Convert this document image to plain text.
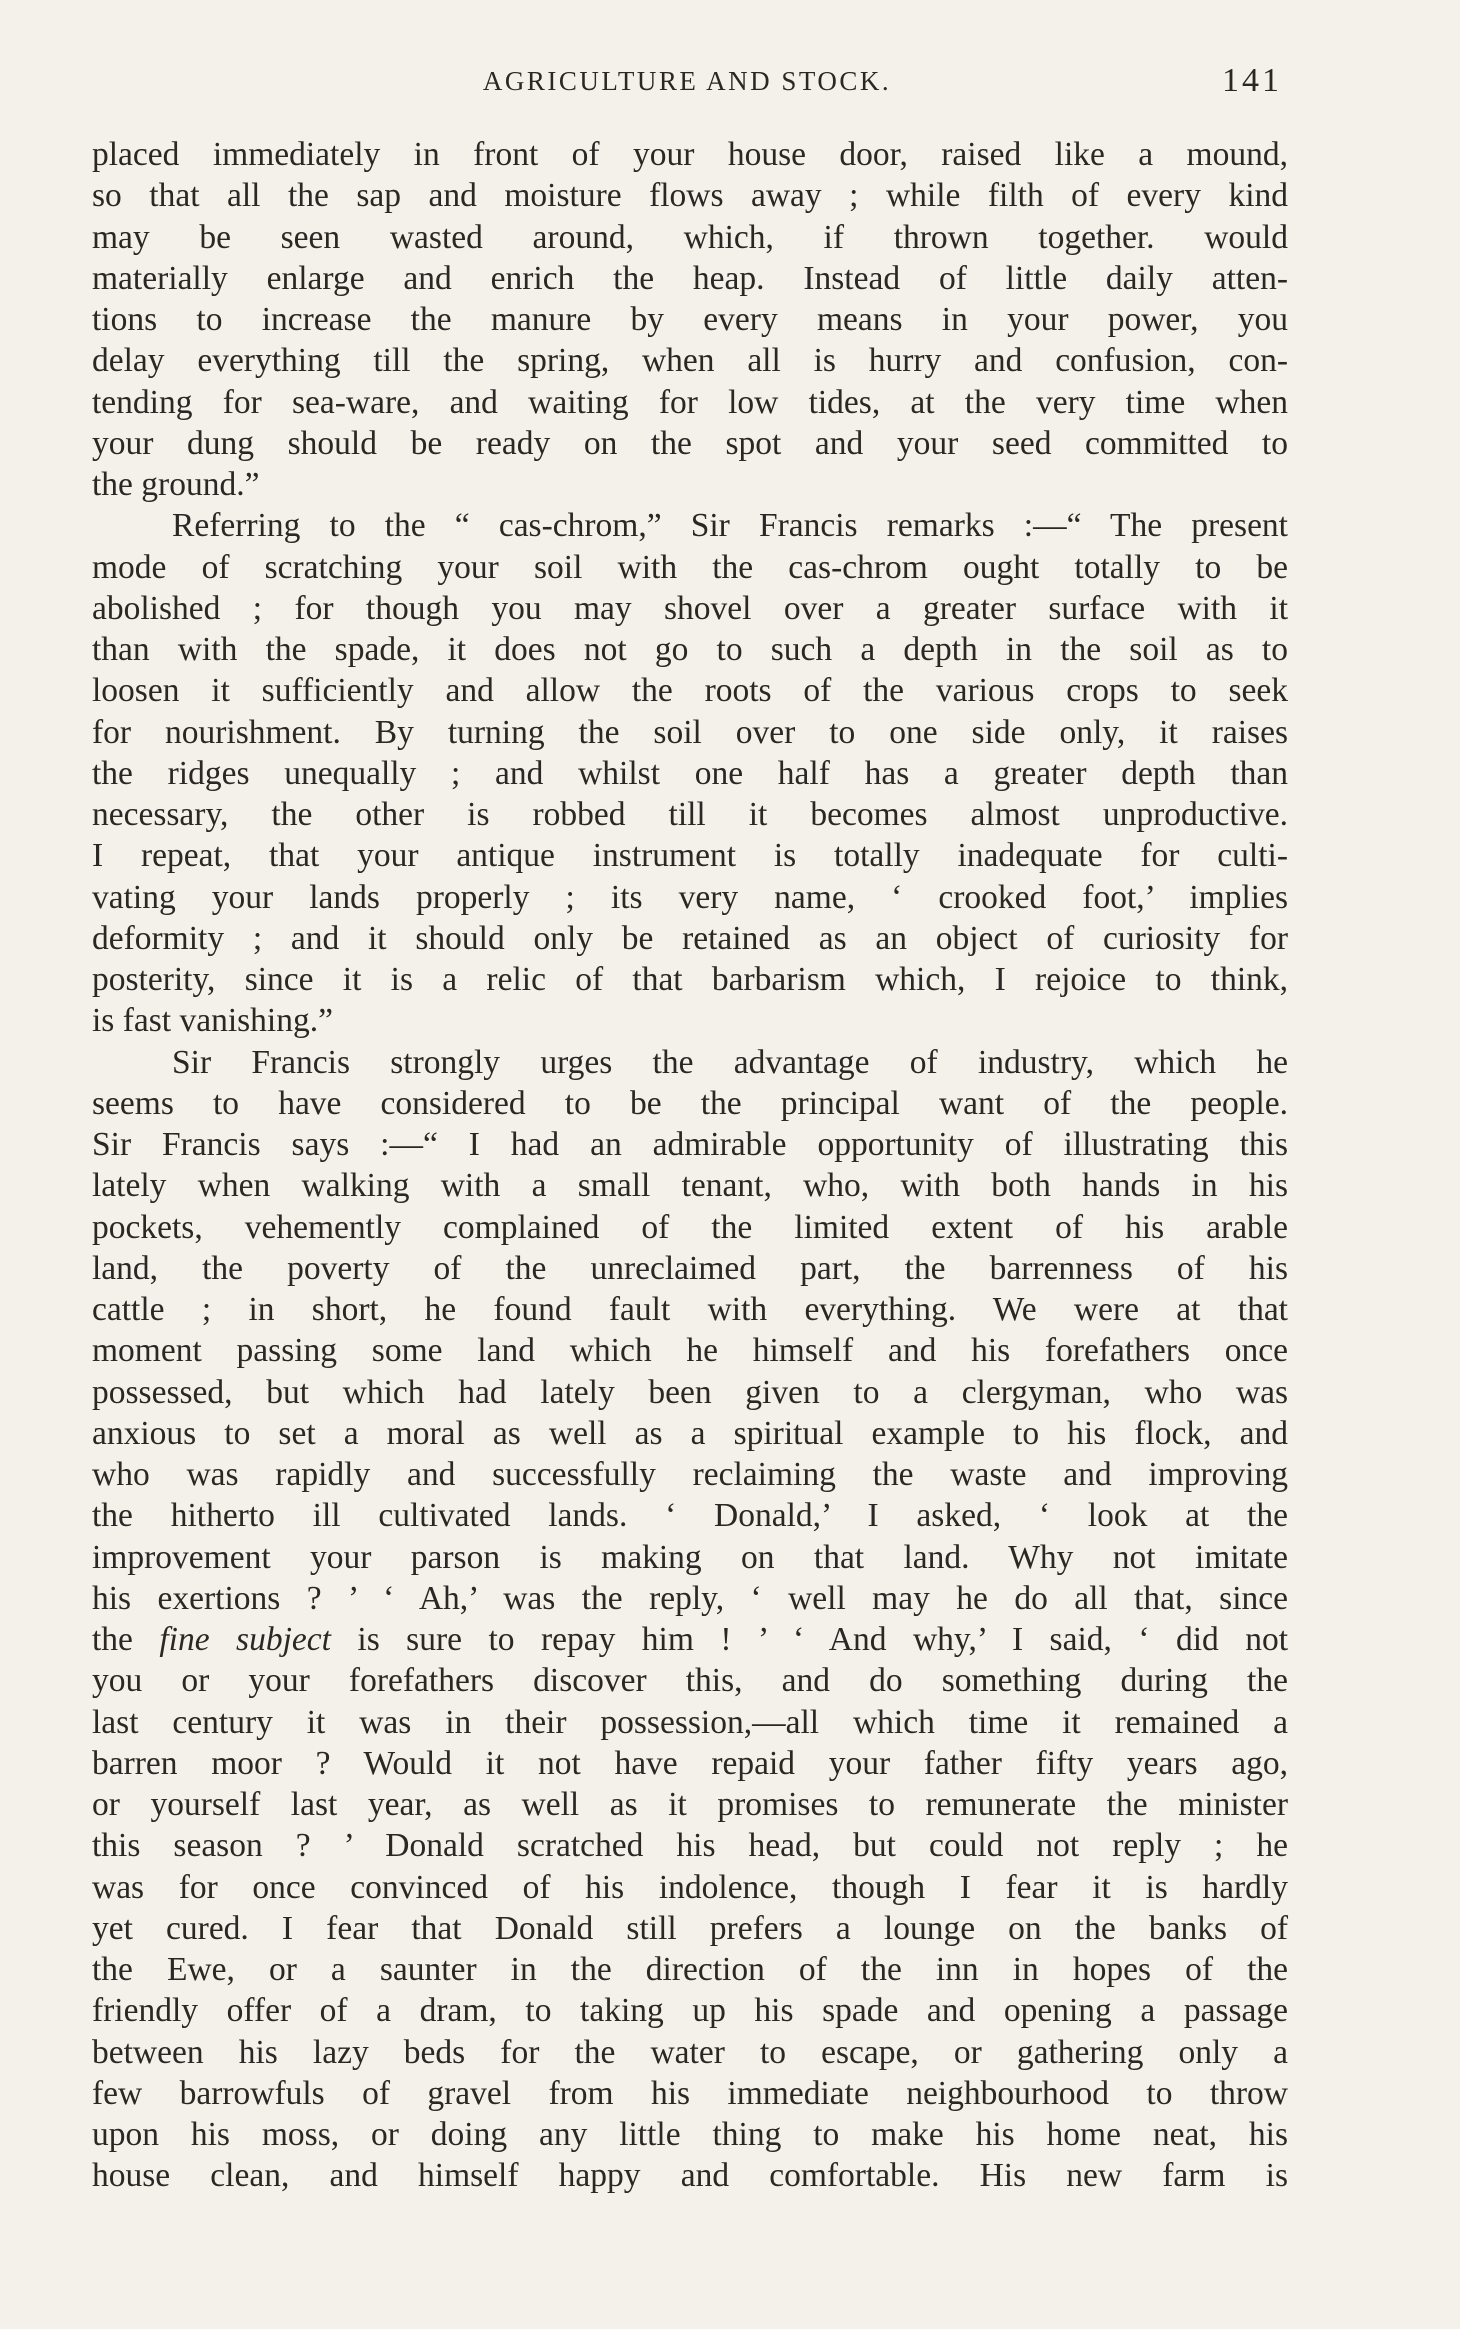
AGRICULTURE AND STOCK.	141
placed immediately in front of your house door, raised like a mound,
so that all the sap and moisture flows away ; while filth of every kind
may be seen wasted around, which, if thrown together. would
materially enlarge and enrich the heap. Instead of little daily atten-
tions to increase the manure by every means in your power, you
delay everything till the spring, when all is hurry and confusion, con-
tending for sea-ware, and waiting for low tides, at the very time when
your dung should be ready on the spot and your seed committed to
the ground.”
Referring to the “ cas-chrom,” Sir Francis remarks :—“ The present
mode of scratching your soil with the cas-chrom ought totally to be
abolished ; for though you may shovel over a greater surface with it
than with the spade, it does not go to such a depth in the soil as to
loosen it sufficiently and allow the roots of the various crops to seek
for nourishment. By turning the soil over to one side only, it raises
the ridges unequally ; and whilst one half has a greater depth than
necessary, the other is robbed till it becomes almost unproductive.
I repeat, that your antique instrument is totally inadequate for culti-
vating your lands properly ; its very name, ‘ crooked foot,’ implies
deformity ; and it should only be retained as an object of curiosity for
posterity, since it is a relic of that barbarism which, I rejoice to think,
is fast vanishing.”
Sir Francis strongly urges the advantage of industry, which he
seems to have considered to be the principal want of the people.
Sir Francis says :—“ I had an admirable opportunity of illustrating this
lately when walking with a small tenant, who, with both hands in his
pockets, vehemently complained of the limited extent of his arable
land, the poverty of the unreclaimed part, the barrenness of his
cattle ; in short, he found fault with everything. We were at that
moment passing some land which he himself and his forefathers once
possessed, but which had lately been given to a clergyman, who was
anxious to set a moral as well as a spiritual example to his flock, and
who was rapidly and successfully reclaiming the waste and improving
the hitherto ill cultivated lands. ‘ Donald,’ I asked, ‘ look at the
improvement your parson is making on that land. Why not imitate
his exertions ? ’ ‘ Ah,’ was the reply, ‘ well may he do all that, since
the fine subject is sure to repay him ! ’ ‘ And why,’ I said, ‘ did not
you or your forefathers discover this, and do something during the
last century it was in their possession,—all which time it remained a
barren moor ? Would it not have repaid your father fifty years ago,
or yourself last year, as well as it promises to remunerate the minister
this season ? ’ Donald scratched his head, but could not reply ; he
was for once convinced of his indolence, though I fear it is hardly
yet cured. I fear that Donald still prefers a lounge on the banks of
the Ewe, or a saunter in the direction of the inn in hopes of the
friendly offer of a dram, to taking up his spade and opening a passage
between his lazy beds for the water to escape, or gathering only a
few barrowfuls of gravel from his immediate neighbourhood to throw
upon his moss, or doing any little thing to make his home neat, his
house clean, and himself happy and comfortable. His new farm is
